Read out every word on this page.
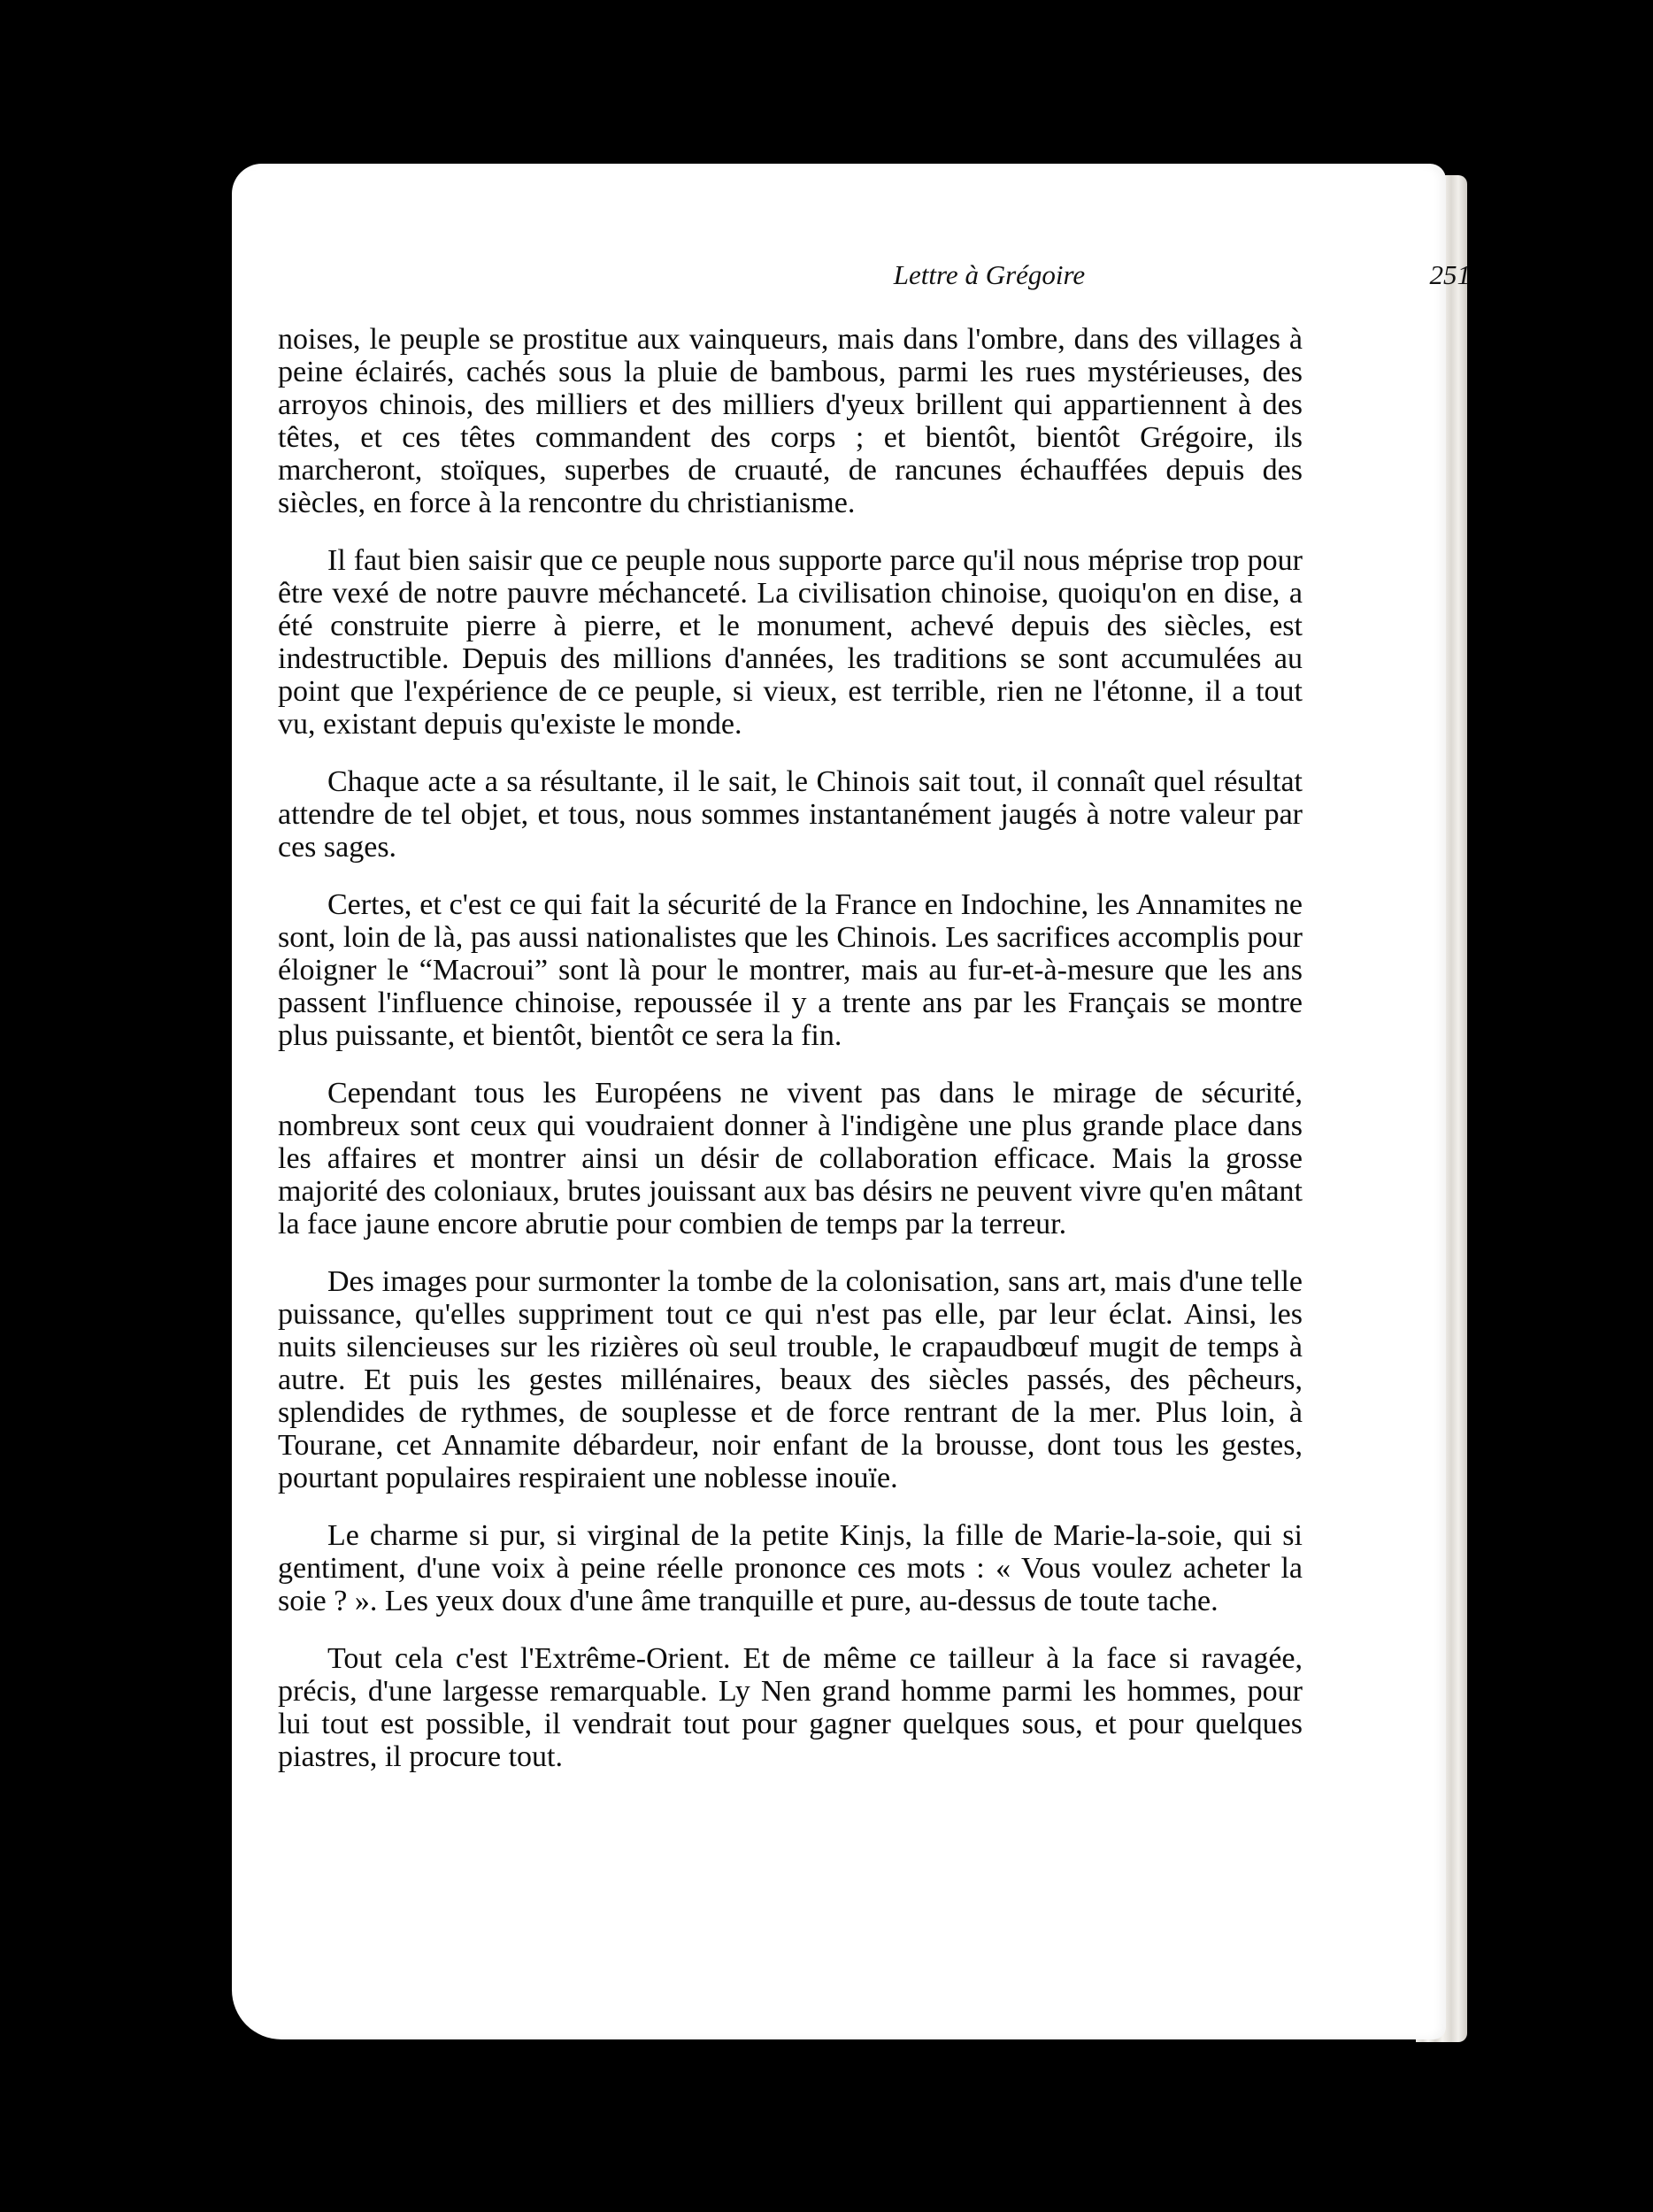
Lettre à Grégoire	251

noises, le peuple se prostitue aux vainqueurs, mais dans l'ombre, dans des villages à peine éclairés, cachés sous la pluie de bambous, parmi les rues mystérieuses, des arroyos chinois, des milliers et des milliers d'yeux brillent qui appartiennent à des têtes, et ces têtes commandent des corps ; et bientôt, bientôt Grégoire, ils marcheront, stoïques, superbes de cruauté, de rancunes échauffées depuis des siècles, en force à la rencontre du christianisme.

Il faut bien saisir que ce peuple nous supporte parce qu'il nous méprise trop pour être vexé de notre pauvre méchanceté. La civilisation chinoise, quoiqu'on en dise, a été construite pierre à pierre, et le monument, achevé depuis des siècles, est indestructible. Depuis des millions d'années, les traditions se sont accumulées au point que l'expérience de ce peuple, si vieux, est terrible, rien ne l'étonne, il a tout vu, existant depuis qu'existe le monde.

Chaque acte a sa résultante, il le sait, le Chinois sait tout, il connaît quel résultat attendre de tel objet, et tous, nous sommes instantanément jaugés à notre valeur par ces sages.

Certes, et c'est ce qui fait la sécurité de la France en Indochine, les Annamites ne sont, loin de là, pas aussi nationalistes que les Chinois. Les sacrifices accomplis pour éloigner le “Macroui” sont là pour le montrer, mais au fur-et-à-mesure que les ans passent l'influence chinoise, repoussée il y a trente ans par les Français se montre plus puissante, et bientôt, bientôt ce sera la fin.

Cependant tous les Européens ne vivent pas dans le mirage de sécurité, nombreux sont ceux qui voudraient donner à l'indigène une plus grande place dans les affaires et montrer ainsi un désir de collaboration efficace. Mais la grosse majorité des coloniaux, brutes jouissant aux bas désirs ne peuvent vivre qu'en mâtant la face jaune encore abrutie pour combien de temps par la terreur.

Des images pour surmonter la tombe de la colonisation, sans art, mais d'une telle puissance, qu'elles suppriment tout ce qui n'est pas elle, par leur éclat. Ainsi, les nuits silencieuses sur les rizières où seul trouble, le crapaudbœuf mugit de temps à autre. Et puis les gestes millénaires, beaux des siècles passés, des pêcheurs, splendides de rythmes, de souplesse et de force rentrant de la mer. Plus loin, à Tourane, cet Annamite débardeur, noir enfant de la brousse, dont tous les gestes, pourtant populaires respiraient une noblesse inouïe.

Le charme si pur, si virginal de la petite Kinjs, la fille de Marie-la-soie, qui si gentiment, d'une voix à peine réelle prononce ces mots : « Vous voulez acheter la soie ? ». Les yeux doux d'une âme tranquille et pure, au-dessus de toute tache.

Tout cela c'est l'Extrême-Orient. Et de même ce tailleur à la face si ravagée, précis, d'une largesse remarquable. Ly Nen grand homme parmi les hommes, pour lui tout est possible, il vendrait tout pour gagner quelques sous, et pour quelques piastres, il procure tout.
